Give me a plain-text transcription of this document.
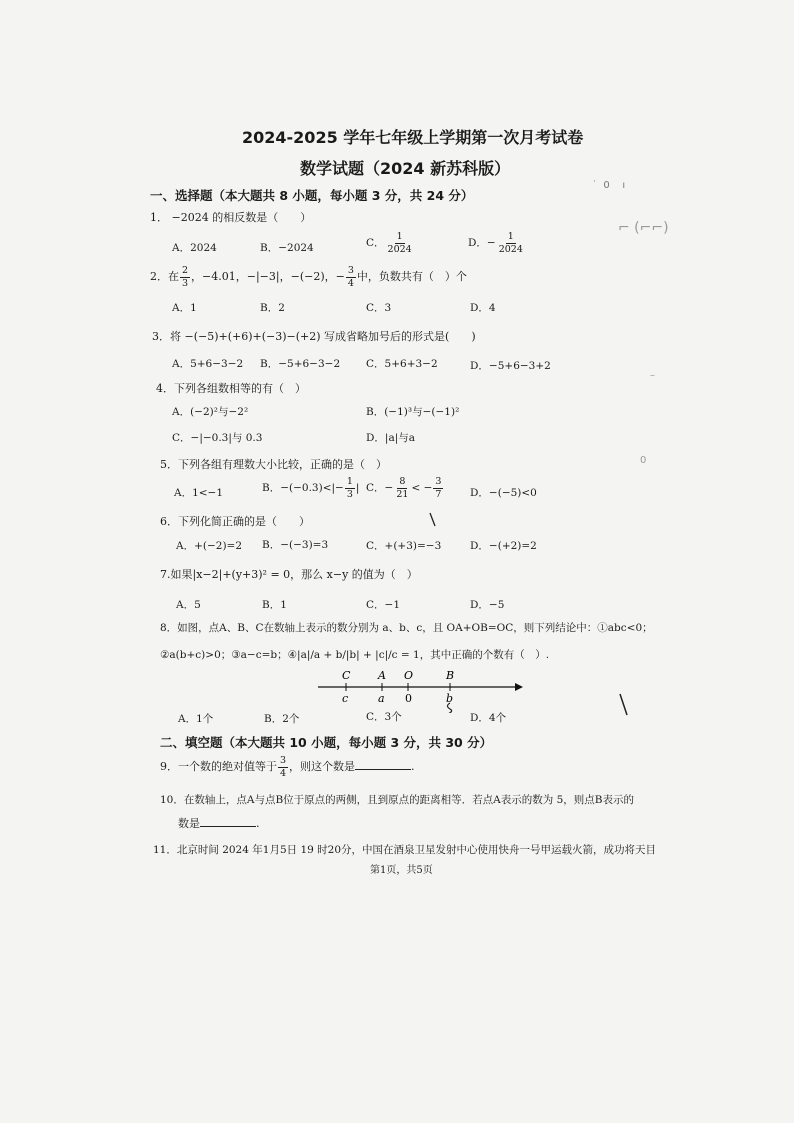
2024-2025 学年七年级上学期第一次月考试卷
数学试题（2024 新苏科版）
一、选择题（本大题共 8 小题，每小题 3 分，共 24 分）
1． −2024 的相反数是（　　）
A．2024	B．−2024	C． $\frac{1}{2024}$	D．− $\frac{1}{2024}$
2．在 $\frac{2}{3}$ ，−4.01，−|−3|，−(−2)，− $\frac{3}{4}$ 中，负数共有（　）个
A．1	B．2	C．3	D．4
3．将 −(−5)+(+6)+(−3)−(+2) 写成省略加号后的形式是(　　)
A．5+6−3−2 B．−5+6−3−2 C．5+6+3−2	D．−5+6−3+2
4．下列各组数相等的有（　）
A．(−2)²与−2²	B．(−1)³与−(−1)²
C．−|−0.3|与 0.3	D．|a|与a
5．下列各组有理数大小比较，正确的是（　）
A．1<−1	B．$-(-0.3)<|- \frac{1}{3}$ | C．− $\frac{8}{21}$ < − $\frac{3}{7}$	D．−(−5)<0
6．下列化简正确的是（　　）
A．+(−2)=2 B．−(−3)=3	C．+(+3)=−3	D．−(+2)=2
7.如果|x−2|+(y+3)² = 0，那么 x−y 的值为（　）
A．5	B．1	C．−1	D．−5
8．如图，点A、B、C在数轴上表示的数分别为 a、b、c，且 OA+OB=OC，则下列结论中：①abc<0；
②a(b+c)>0；③a−c=b；④|a|/a + b/|b| + |c|/c = 1，其中正确的个数有（　）.
C	A O	B
c	a 0	b
A．1个	B．2个	C．3个	D．4个
二、填空题（本大题共 10 小题，每小题 3 分，共 30 分）
9．一个数的绝对值等于 $\frac{3}{4}$ ，则这个数是	.
10．在数轴上，点A与点B位于原点的两侧，且到原点的距离相等．若点A表示的数为 5，则点B表示的
数是	.
11．北京时间 2024 年1月5日 19 时20分，中国在酒泉卫星发射中心使用快舟一号甲运载火箭，成功将天目
第1页，共5页
˙  0    ı
⌐ (⌐⌐)
–
0
